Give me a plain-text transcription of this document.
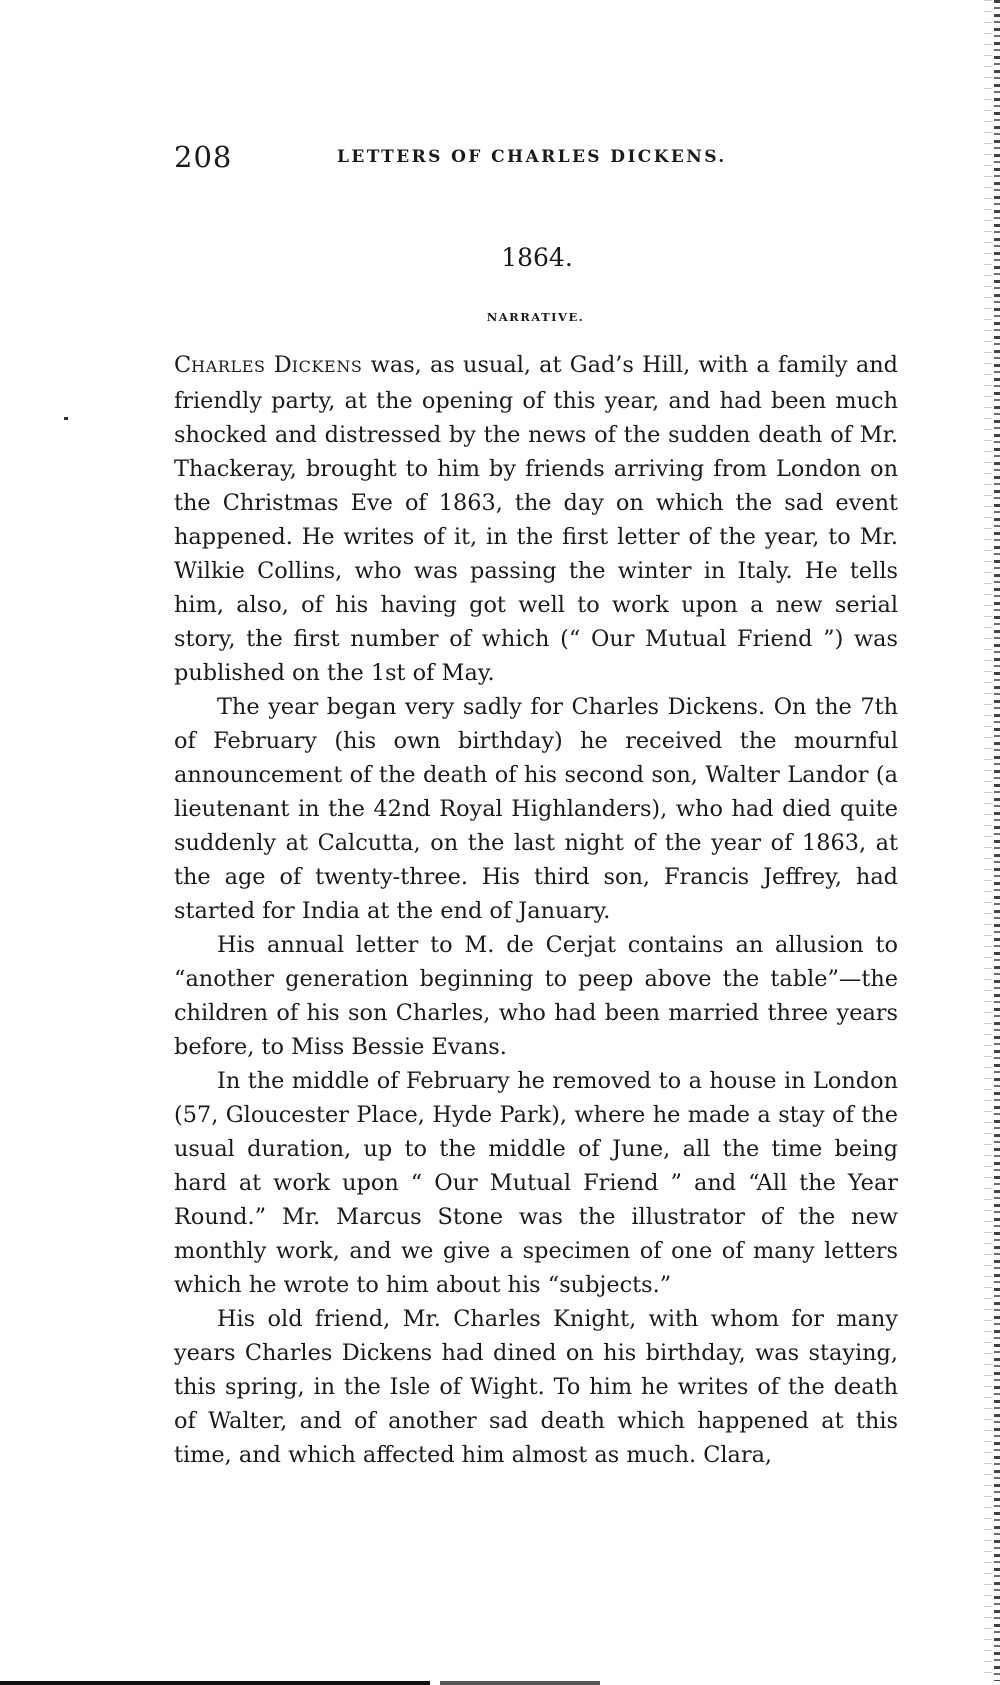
208	LETTERS OF CHARLES DICKENS.
1864.
NARRATIVE.

CHARLES DICKENS was, as usual, at Gad’s Hill, with a family and friendly party, at the opening of this year, and had been much shocked and distressed by the news of the sudden death of Mr. Thackeray, brought to him by friends arriving from London on the Christmas Eve of 1863, the day on which the sad event happened. He writes of it, in the first letter of the year, to Mr. Wilkie Collins, who was passing the winter in Italy. He tells him, also, of his having got well to work upon a new serial story, the first number of which (“ Our Mutual Friend ”) was published on the 1st of May.

The year began very sadly for Charles Dickens. On the 7th of February (his own birthday) he received the mournful announcement of the death of his second son, Walter Landor (a lieutenant in the 42nd Royal Highlanders), who had died quite suddenly at Calcutta, on the last night of the year of 1863, at the age of twenty-three. His third son, Francis Jeffrey, had started for India at the end of January.

His annual letter to M. de Cerjat contains an allusion to “another generation beginning to peep above the table”—the children of his son Charles, who had been married three years before, to Miss Bessie Evans.

In the middle of February he removed to a house in London (57, Gloucester Place, Hyde Park), where he made a stay of the usual duration, up to the middle of June, all the time being hard at work upon “ Our Mutual Friend ” and “All the Year Round.” Mr. Marcus Stone was the illustrator of the new monthly work, and we give a specimen of one of many letters which he wrote to him about his “subjects.”

His old friend, Mr. Charles Knight, with whom for many years Charles Dickens had dined on his birthday, was staying, this spring, in the Isle of Wight. To him he writes of the death of Walter, and of another sad death which happened at this time, and which affected him almost as much. Clara,
